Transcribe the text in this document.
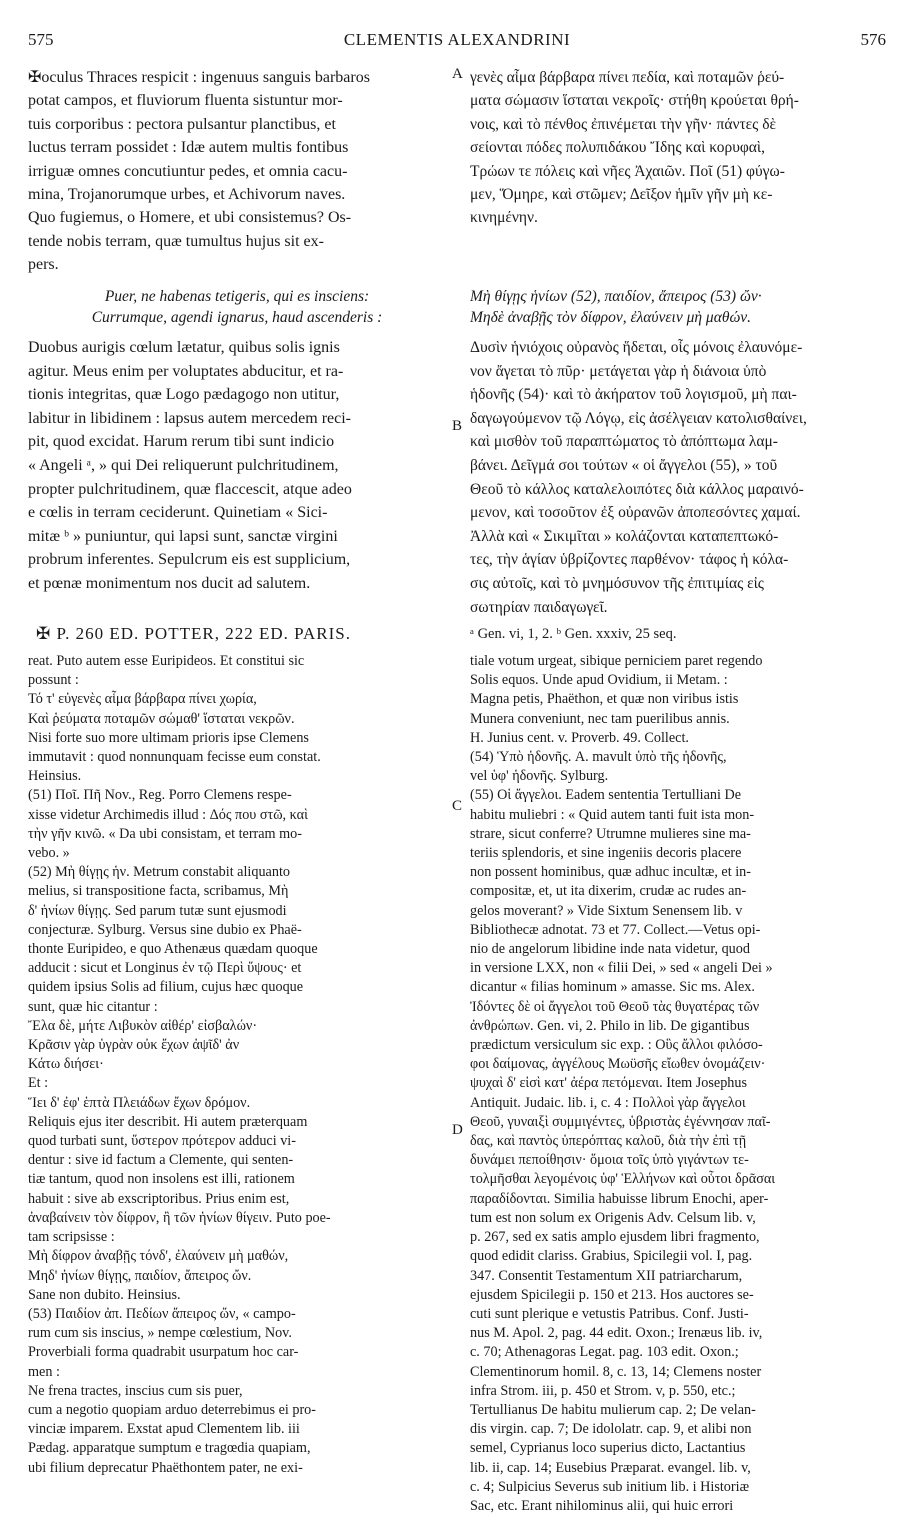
575	CLEMENTIS ALEXANDRINI	576

✠oculus Thraces respicit : ingenuus sanguis barbaros
potat campos, et fluviorum fluenta sistuntur mor-
tuis corporibus : pectora pulsantur planctibus, et
luctus terram possidet : Idæ autem multis fontibus
irriguæ omnes concutiuntur pedes, et omnia cacu-
mina, Trojanorumque urbes, et Achivorum naves.
Quo fugiemus, o Homere, et ubi consistemus? Os-
tende nobis terram, quæ tumultus hujus sit ex-
pers.

γενὲς αἷμα βάρβαρα πίνει πεδία, καὶ ποταμῶν ῥεύ-
ματα σώμασιν ἵσταται νεκροῖς· στήθη κρούεται θρή-
νοις, καὶ τὸ πένθος ἐπινέμεται τὴν γῆν· πάντες δὲ
σείονται πόδες πολυπιδάκου Ἴδης καὶ κορυφαὶ,
Τρώων τε πόλεις καὶ νῆες Ἀχαιῶν. Ποῖ (51) φύγω-
μεν, Ὅμηρε, καὶ στῶμεν; Δεῖξον ἡμῖν γῆν μὴ κε-
κινημένην.

Puer, ne habenas tetigeris, qui es insciens:
Currumque, agendi ignarus, haud ascenderis :

Μὴ θίγῃς ἡνίων (52), παιδίον, ἄπειρος (53) ὤν·
Μηδὲ ἀναβῇς τὸν δίφρον, ἐλαύνειν μὴ μαθών.

Duobus aurigis cœlum lætatur, quibus solis ignis
agitur. Meus enim per voluptates abducitur, et ra-
tionis integritas, quæ Logo pædagogo non utitur,
labitur in libidinem : lapsus autem mercedem reci-
pit, quod excidat. Harum rerum tibi sunt indicio
« Angeli ᵃ, » qui Dei reliquerunt pulchritudinem,
propter pulchritudinem, quæ flaccescit, atque adeo
e cœlis in terram ceciderunt. Quinetiam « Sici-
mitæ ᵇ » puniuntur, qui lapsi sunt, sanctæ virgini
probrum inferentes. Sepulcrum eis est supplicium,
et pœnæ monimentum nos ducit ad salutem.

Δυσὶν ἡνιόχοις οὐρανὸς ἥδεται, οἷς μόνοις ἐλαυνόμε-
νον ἄγεται τὸ πῦρ· μετάγεται γὰρ ἡ διάνοια ὑπὸ
ἡδονῆς (54)· καὶ τὸ ἀκήρατον τοῦ λογισμοῦ, μὴ παι-
δαγωγούμενον τῷ Λόγῳ, εἰς ἀσέλγειαν κατολισθαίνει,
καὶ μισθὸν τοῦ παραπτώματος τὸ ἀπόπτωμα λαμ-
βάνει. Δεῖγμά σοι τούτων « οἱ ἄγγελοι (55), » τοῦ
Θεοῦ τὸ κάλλος καταλελοιπότες διὰ κάλλος μαραινό-
μενον, καὶ τοσοῦτον ἐξ οὐρανῶν ἀποπεσόντες χαμαί.
Ἀλλὰ καὶ « Σικιμῖται » κολάζονται καταπεπτωκό-
τες, τὴν ἁγίαν ὑβρίζοντες παρθένον· τάφος ἡ κόλα-
σις αὐτοῖς, καὶ τὸ μνημόσυνον τῆς ἐπιτιμίας εἰς
σωτηρίαν παιδαγωγεῖ.

ᵃ Gen. vi, 1, 2. ᵇ Gen. xxxiv, 25 seq.

✠ P. 260 ED. POTTER, 222 ED. PARIS.

reat. Puto autem esse Euripideos. Et constitui sic
possunt :
Τό τ' εὐγενὲς αἷμα βάρβαρα πίνει χωρία,
Καὶ ῥεύματα ποταμῶν σώμαθ' ἵσταται νεκρῶν.
Nisi forte suo more ultimam prioris ipse Clemens
immutavit : quod nonnunquam fecisse eum constat.
Heinsius.
(51) Ποῖ. Πῆ Nov., Reg. Porro Clemens respe-
xisse videtur Archimedis illud : Δός που στῶ, καὶ
τὴν γῆν κινῶ. « Da ubi consistam, et terram mo-
vebo. »
(52) Μὴ θίγῃς ἡν. Metrum constabit aliquanto
melius, si transpositione facta, scribamus, Μὴ
δ' ἡνίων θίγῃς. Sed parum tutæ sunt ejusmodi
conjecturæ. Sylburg. Versus sine dubio ex Phaë-
thonte Euripideo, e quo Athenæus quædam quoque
adducit : sicut et Longinus ἐν τῷ Περὶ ὕψους· et
quidem ipsius Solis ad filium, cujus hæc quoque
sunt, quæ hic citantur :
Ἔλα δὲ, μήτε Λιβυκὸν αἰθέρ' εἰσβαλών·
Κρᾶσιν γὰρ ὑγρὰν οὐκ ἔχων ἀψῖδ' ἀν
Κάτω διήσει·
Et :
Ἵει δ' ἐφ' ἑπτὰ Πλειάδων ἔχων δρόμον.
Reliquis ejus iter describit. Hi autem præterquam
quod turbati sunt, ὕστερον πρότερον adduci vi-
dentur : sive id factum a Clemente, qui senten-
tiæ tantum, quod non insolens est illi, rationem
habuit : sive ab exscriptoribus. Prius enim est,
ἀναβαίνειν τὸν δίφρον, ἢ τῶν ἡνίων θίγειν. Puto poe-
tam scripsisse :
Μὴ δίφρον ἀναβῇς τόνδ', ἐλαύνειν μὴ μαθών,
Μηδ' ἡνίων θίγῃς, παιδίον, ἄπειρος ὤν.
Sane non dubito. Heinsius.
(53) Παιδίον ἀπ. Πεδίων ἄπειρος ὤν, « campo-
rum cum sis inscius, » nempe cœlestium, Nov.
Proverbiali forma quadrabit usurpatum hoc car-
men :
Ne frena tractes, inscius cum sis puer,
cum a negotio quopiam arduo deterrebimus ei pro-
vinciæ imparem. Exstat apud Clementem lib. iii
Pædag. apparatque sumptum e tragœdia quapiam,
ubi filium deprecatur Phaëthontem pater, ne exi-

tiale votum urgeat, sibique perniciem paret regendo
Solis equos. Unde apud Ovidium, ii Metam. :
Magna petis, Phaëthon, et quæ non viribus istis
Munera conveniunt, nec tam puerilibus annis.
H. Junius cent. v. Proverb. 49. Collect.
(54) Ὑπὸ ἡδονῆς. A. mavult ὑπὸ τῆς ἡδονῆς,
vel ὑφ' ἡδονῆς. Sylburg.
(55) Οἱ ἄγγελοι. Eadem sententia Tertulliani De
habitu muliebri : « Quid autem tanti fuit ista mon-
strare, sicut conferre? Utrumne mulieres sine ma-
teriis splendoris, et sine ingeniis decoris placere
non possent hominibus, quæ adhuc incultæ, et in-
compositæ, et, ut ita dixerim, crudæ ac rudes an-
gelos moverant? » Vide Sixtum Senensem lib. v
Bibliothecæ adnotat. 73 et 77. Collect.—Vetus opi-
nio de angelorum libidine inde nata videtur, quod
in versione LXX, non « filii Dei, » sed « angeli Dei »
dicantur « filias hominum » amasse. Sic ms. Alex.
Ἰδόντες δὲ οἱ ἄγγελοι τοῦ Θεοῦ τὰς θυγατέρας τῶν
ἀνθρώπων. Gen. vi, 2. Philo in lib. De gigantibus
prædictum versiculum sic exp. : Οὓς ἄλλοι φιλόσο-
φοι δαίμονας, ἀγγέλους Μωϋσῆς εἴωθεν ὀνομάζειν·
ψυχαὶ δ' εἰσὶ κατ' ἀέρα πετόμεναι. Item Josephus
Antiquit. Judaic. lib. i, c. 4 : Πολλοὶ γὰρ ἄγγελοι
Θεοῦ, γυναιξὶ συμμιγέντες, ὑβριστὰς ἐγέννησαν παῖ-
δας, καὶ παντὸς ὑπερόπτας καλοῦ, διὰ τὴν ἐπὶ τῇ
δυνάμει πεποίθησιν· ὅμοια τοῖς ὑπὸ γιγάντων τε-
τολμῆσθαι λεγομένοις ὑφ' Ἑλλήνων καὶ οὗτοι δρᾶσαι
παραδίδονται. Similia habuisse librum Enochi, aper-
tum est non solum ex Origenis Adv. Celsum lib. v,
p. 267, sed ex satis amplo ejusdem libri fragmento,
quod edidit clariss. Grabius, Spicilegii vol. I, pag.
347. Consentit Testamentum XII patriarcharum,
ejusdem Spicilegii p. 150 et 213. Hos auctores se-
cuti sunt plerique e vetustis Patribus. Conf. Justi-
nus M. Apol. 2, pag. 44 edit. Oxon.; Irenæus lib. iv,
c. 70; Athenagoras Legat. pag. 103 edit. Oxon.;
Clementinorum homil. 8, c. 13, 14; Clemens noster
infra Strom. iii, p. 450 et Strom. v, p. 550, etc.;
Tertullianus De habitu mulierum cap. 2; De velan-
dis virgin. cap. 7; De idololatr. cap. 9, et alibi non
semel, Cyprianus loco superius dicto, Lactantius
lib. ii, cap. 14; Eusebius Præparat. evangel. lib. v,
c. 4; Sulpicius Severus sub initium lib. i Historiæ
Sac, etc. Erant nihilominus alii, qui huic errori

A
B
C
D
